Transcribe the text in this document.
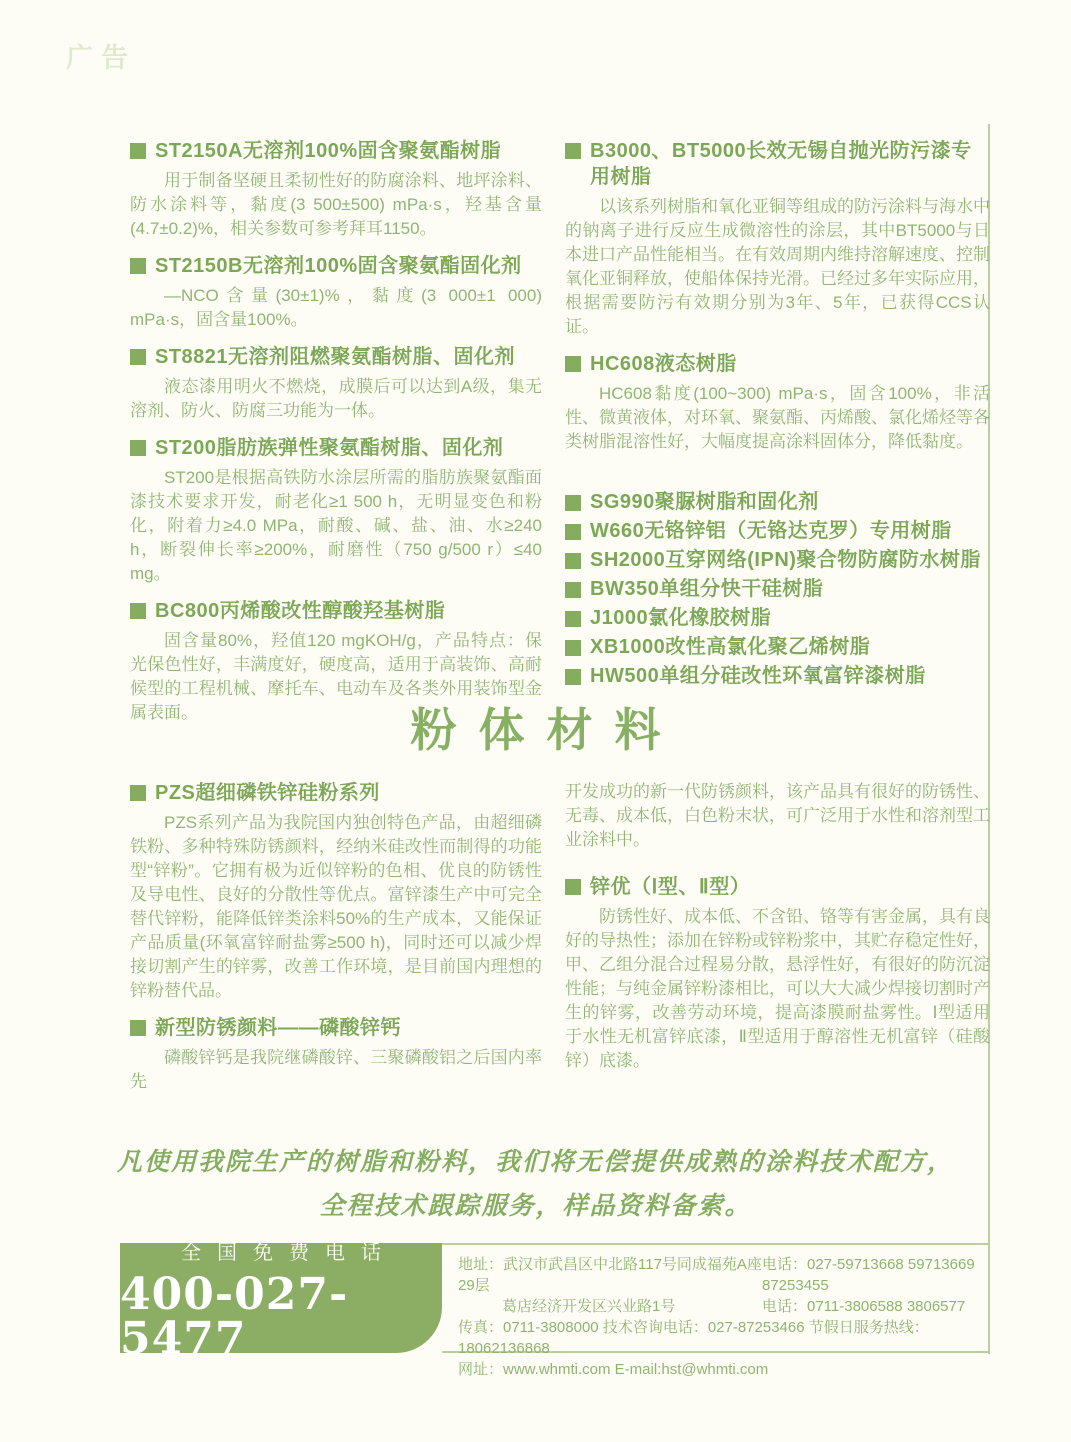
广告
ST2150A无溶剂100%固含聚氨酯树脂

用于制备坚硬且柔韧性好的防腐涂料、地坪涂料、防水涂料等，黏度(3 500±500) mPa·s，羟基含量(4.7±0.2)%，相关参数可参考拜耳1150。

ST2150B无溶剂100%固含聚氨酯固化剂

—NCO含量(30±1)%，黏度(3 000±1 000) mPa·s，固含量100%。

ST8821无溶剂阻燃聚氨酯树脂、固化剂

液态漆用明火不燃烧，成膜后可以达到A级，集无溶剂、防火、防腐三功能为一体。

ST200脂肪族弹性聚氨酯树脂、固化剂

ST200是根据高铁防水涂层所需的脂肪族聚氨酯面漆技术要求开发，耐老化≥1 500 h，无明显变色和粉化，附着力≥4.0 MPa，耐酸、碱、盐、油、水≥240 h，断裂伸长率≥200%，耐磨性（750 g/500 r）≤40 mg。

BC800丙烯酸改性醇酸羟基树脂

固含量80%，羟值120 mgKOH/g，产品特点：保光保色性好，丰满度好，硬度高，适用于高装饰、高耐候型的工程机械、摩托车、电动车及各类外用装饰型金属表面。

B3000、BT5000长效无锡自抛光防污漆专用树脂

以该系列树脂和氧化亚铜等组成的防污涂料与海水中的钠离子进行反应生成微溶性的涂层，其中BT5000与日本进口产品性能相当。在有效周期内维持溶解速度、控制氧化亚铜释放，使船体保持光滑。已经过多年实际应用，根据需要防污有效期分别为3年、5年，已获得CCS认证。

HC608液态树脂

HC608黏度(100~300) mPa·s，固含100%，非活性、微黄液体，对环氧、聚氨酯、丙烯酸、氯化烯烃等各类树脂混溶性好，大幅度提高涂料固体分，降低黏度。

SG990聚脲树脂和固化剂
W660无铬锌铝（无铬达克罗）专用树脂
SH2000互穿网络(IPN)聚合物防腐防水树脂
BW350单组分快干硅树脂
J1000氯化橡胶树脂
XB1000改性高氯化聚乙烯树脂
HW500单组分硅改性环氧富锌漆树脂
粉体材料
PZS超细磷铁锌硅粉系列

PZS系列产品为我院国内独创特色产品，由超细磷铁粉、多种特殊防锈颜料，经纳米硅改性而制得的功能型“锌粉”。它拥有极为近似锌粉的色相、优良的防锈性及导电性、良好的分散性等优点。富锌漆生产中可完全替代锌粉，能降低锌类涂料50%的生产成本，又能保证产品质量(环氧富锌耐盐雾≥500 h)，同时还可以减少焊接切割产生的锌雾，改善工作环境，是目前国内理想的锌粉替代品。

新型防锈颜料——磷酸锌钙

磷酸锌钙是我院继磷酸锌、三聚磷酸铝之后国内率先

开发成功的新一代防锈颜料，该产品具有很好的防锈性、无毒、成本低，白色粉末状，可广泛用于水性和溶剂型工业涂料中。

锌优（Ⅰ型、Ⅱ型）

防锈性好、成本低、不含铅、铬等有害金属，具有良好的导热性；添加在锌粉或锌粉浆中，其贮存稳定性好，甲、乙组分混合过程易分散，悬浮性好，有很好的防沉淀性能；与纯金属锌粉漆相比，可以大大减少焊接切割时产生的锌雾，改善劳动环境，提高漆膜耐盐雾性。Ⅰ型适用于水性无机富锌底漆，Ⅱ型适用于醇溶性无机富锌（硅酸锌）底漆。

凡使用我院生产的树脂和粉料，我们将无偿提供成熟的涂料技术配方，
全程技术跟踪服务，样品资料备索。
全国免费电话
400-027-5477
地址：武汉市武昌区中北路117号同成福苑A座29层
电话：027-59713668 59713669 87253455
葛店经济开发区兴业路1号	电话：0711-3806588 3806577
传真：0711-3808000 技术咨询电话：027-87253466 节假日服务热线：18062136868
网址：www.whmti.com E-mail:hst@whmti.com
